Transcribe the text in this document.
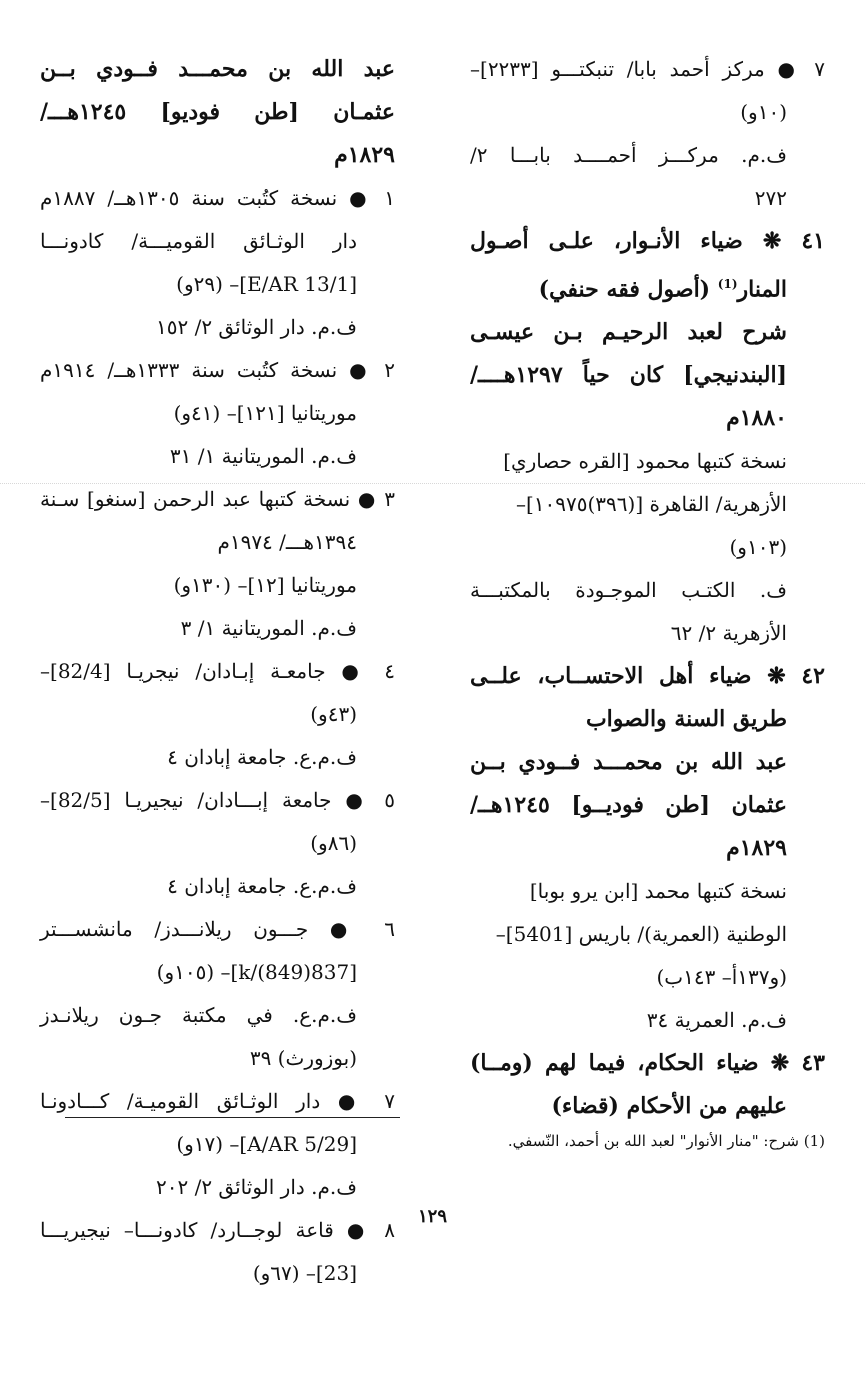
٧ ● مركز أحمد بابا/ تنبكتـــو [٢٢٣٣]–
(١٠و)
ف.م. مركـــز أحمــــد بابـــا ٢/
٢٧٢
٤١ ❋ ضياء الأنـوار، علـى أصـول
المنار$^{(1)}$ (أصول فقه حنفي)
شرح لعبد الرحيـم بـن عيسـى
[البندنيجي] كان حياً ١٢٩٧هــــ/
١٨٨٠م
نسخة كتبها محمود [القره حصاري]
الأزهرية/ القاهرة [(٣٩٦)١٠٩٧٥]–
(١٠٣و)
ف. الكتـب الموجـودة بالمكتبـــة
الأزهرية ٢/ ٦٢
٤٢ ❋ ضياء أهل الاحتســاب، علــى
طريق السنة والصواب
عبد الله بن محمـــد فــودي بــن
عثمان [طن فوديــو] ١٢٤٥هــ/
١٨٢٩م
نسخة كتبها محمد [ابن يرو بوبا]
الوطنية (العمرية)/ باريس [5401]–
(و١٣٧أ– ١٤٣ب)
ف.م. العمرية ٣٤
٤٣ ❋ ضياء الحكام، فيما لهم (ومــا)
عليهم من الأحكام (قضاء)
عبد الله بن محمـــد فــودي بــن
عثمـان [طن فوديو] ١٢٤٥هـــ/
١٨٢٩م
١ ● نسخة كتُبت سنة ١٣٠٥هــ/ ١٨٨٧م
دار الوثـائق القوميـــة/ كادونـــا
[E/AR 13/1]– (٢٩و)
ف.م. دار الوثائق ٢/ ١٥٢
٢ ● نسخة كتُبت سنة ١٣٣٣هــ/ ١٩١٤م
موريتانيا [١٢١]– (٤١و)
ف.م. الموريتانية ١/ ٣١
٣ ● نسخة كتبها عبد الرحمن [سنغو] سـنة
١٣٩٤هـــ/ ١٩٧٤م
موريتانيا [١٢]– (١٣٠و)
ف.م. الموريتانية ١/ ٣
٤ ● جامعـة إبـادان/ نيجريـا [82/4]–
(٤٣و)
ف.م.ع. جامعة إبادان ٤
٥ ● جامعة إبـــادان/ نيجيريـا [82/5]–
(٨٦و)
ف.م.ع. جامعة إبادان ٤
٦ ● جـــون ريلانـــدز/ مانشســـتر
[837(849)/k]– (١٠٥و)
ف.م.ع. في مكتبة جـون ريلانـدز
(بوزورث) ٣٩
٧ ● دار الوثـائق القوميـة/ كـــادونـا
[A/AR 5/29]– (١٧و)
ف.م. دار الوثائق ٢/ ٢٠٢
٨ ● قاعة لوجــارد/ كادونـــا– نيجيريـــا
[23]– (٦٧و)
(1) شرح: "منار الأنوار" لعبد الله بن أحمد، النّسفي.
١٢٩
